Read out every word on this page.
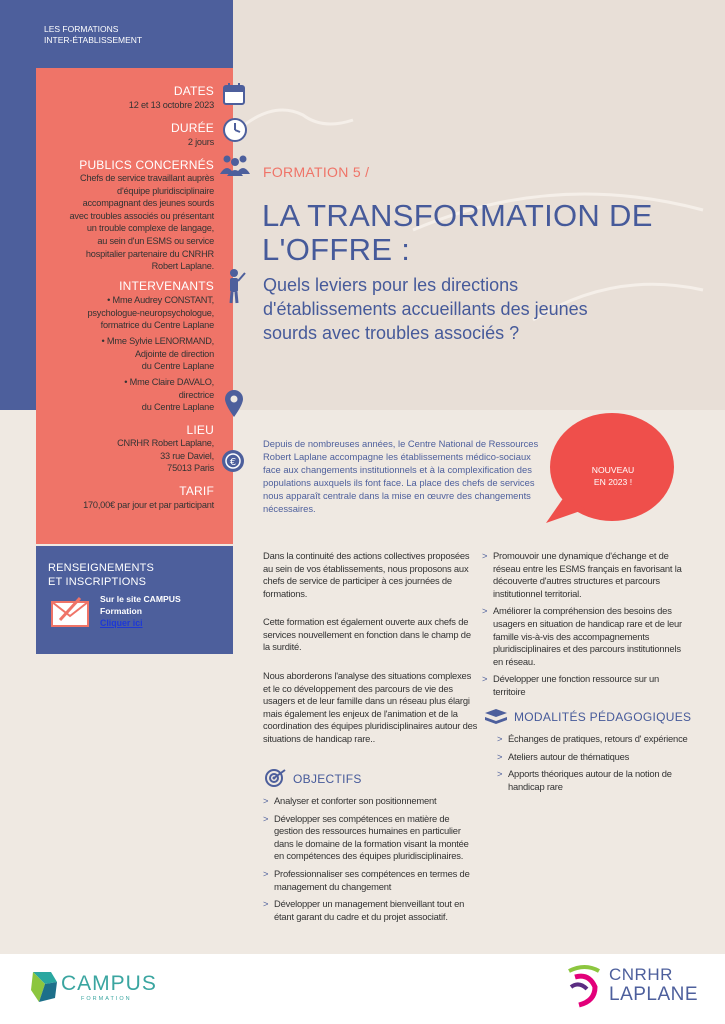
LES FORMATIONS
INTER-ÉTABLISSEMENT
DATES
12 et 13 octobre 2023
DURÉE
2 jours
PUBLICS CONCERNÉS
Chefs de service travaillant auprès
d'équipe pluridisciplinaire
accompagnant des jeunes sourds
avec troubles associés ou présentant
un trouble complexe de langage,
au sein d'un ESMS ou service
hospitalier partenaire du CNRHR
Robert Laplane.
INTERVENANTS
• Mme Audrey CONSTANT,
psychologue-neuropsychologue,
formatrice du Centre Laplane
• Mme Sylvie LENORMAND,
Adjointe de direction
du Centre Laplane
• Mme Claire DAVALO,
directrice
du Centre Laplane
LIEU
CNRHR Robert Laplane,
33 rue Daviel,
75013 Paris
€
TARIF
170,00€ par jour et par participant
RENSEIGNEMENTS
ET INSCRIPTIONS
Sur le site CAMPUS
Formation
Cliquer ici
FORMATION 5 /
LA TRANSFORMATION DE
L'OFFRE :
Quels leviers pour les directions
d'établissements accueillants des jeunes
sourds avec troubles associés ?
NOUVEAU
EN 2023 !
Depuis de nombreuses années, le Centre National de Ressources Robert Laplane accompagne les établissements médico-sociaux face aux changements institutionnels et à la complexification des populations auxquels ils font face. La place des chefs de services nous apparaît centrale dans la mise en œuvre des changements nécessaires.
Dans la continuité des actions collectives proposées au sein de vos établissements, nous proposons aux chefs de service de participer à ces journées de formations.
Cette formation est également ouverte aux chefs de services nouvellement en fonction dans le champ de la surdité.
Nous aborderons l'analyse des situations complexes et le co développement des parcours de vie des usagers et de leur famille dans un réseau plus élargi mais également les enjeux de l'animation et de la coordination des équipes pluridisciplinaires autour des situations de handicap rare..
OBJECTIFS
> Analyser et conforter son positionnement
> Développer ses compétences en matière de gestion des ressources humaines en particulier dans le domaine de la formation visant la montée en compétences des équipes pluridisciplinaires.
> Professionnaliser ses compétences en termes de management du changement
> Développer un management bienveillant tout en étant garant du cadre et du projet associatif.
> Promouvoir une dynamique d'échange et de réseau entre les ESMS français en favorisant la découverte d'autres structures et parcours institutionnel territorial.
> Améliorer la compréhension des besoins des usagers en situation de handicap rare et de leur famille vis-à-vis des accompagnements pluridisciplinaires et des parcours institutionnels en réseau.
> Développer une fonction ressource sur un territoire
MODALITÉS PÉDAGOGIQUES
> Échanges de pratiques, retours d' expérience
> Ateliers autour de thématiques
> Apports théoriques autour de la notion de handicap rare
CAMPUS
FORMATION
CNRHR
LAPLANE
